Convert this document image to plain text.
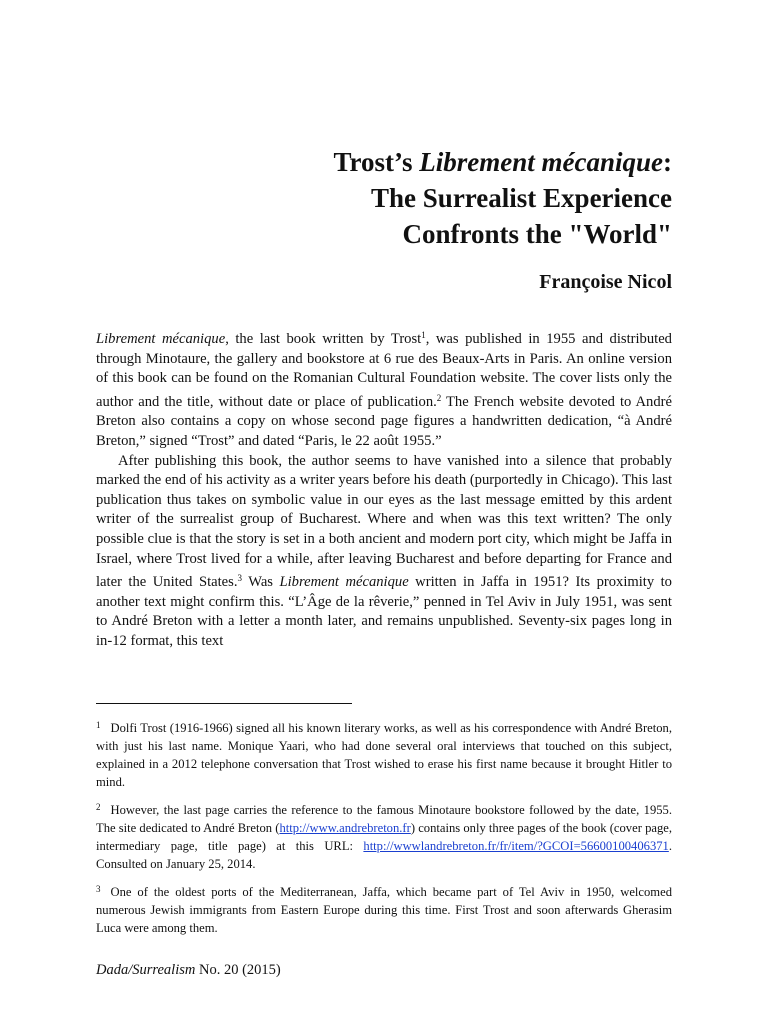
Trost’s Librement mécanique:
The Surrealist Experience
Confronts the "World"

Françoise Nicol

Librement mécanique, the last book written by Trost$^1$, was published in 1955 and distributed through Minotaure, the gallery and bookstore at 6 rue des Beaux-Arts in Paris. An online version of this book can be found on the Romanian Cultural Foundation website. The cover lists only the author and the title, without date or place of publication.$^2$ The French website devoted to André Breton also contains a copy on whose second page figures a handwritten dedication, “à André Breton,” signed “Trost” and dated “Paris, le 22 août 1955.”

After publishing this book, the author seems to have vanished into a silence that probably marked the end of his activity as a writer years before his death (purportedly in Chicago). This last publication thus takes on symbolic value in our eyes as the last message emitted by this ardent writer of the surrealist group of Bucharest. Where and when was this text written? The only possible clue is that the story is set in a both ancient and modern port city, which might be Jaffa in Israel, where Trost lived for a while, after leaving Bucharest and before departing for France and later the United States.$^3$ Was Librement mécanique written in Jaffa in 1951? Its proximity to another text might confirm this. “L’Âge de la rêverie,” penned in Tel Aviv in July 1951, was sent to André Breton with a letter a month later, and remains unpublished. Seventy-six pages long in in-12 format, this text

$^1$ Dolfi Trost (1916-1966) signed all his known literary works, as well as his correspondence with André Breton, with just his last name. Monique Yaari, who had done several oral interviews that touched on this subject, explained in a 2012 telephone conversation that Trost wished to erase his first name because it brought Hitler to mind.

$^2$ However, the last page carries the reference to the famous Minotaure bookstore followed by the date, 1955. The site dedicated to André Breton (http://www.andrebreton.fr) contains only three pages of the book (cover page, intermediary page, title page) at this URL: http://wwwlandrebreton.fr/fr/item/?GCOI=56600100406371. Consulted on January 25, 2014.

$^3$ One of the oldest ports of the Mediterranean, Jaffa, which became part of Tel Aviv in 1950, welcomed numerous Jewish immigrants from Eastern Europe during this time. First Trost and soon afterwards Gherasim Luca were among them.

Dada/Surrealism No. 20 (2015)
